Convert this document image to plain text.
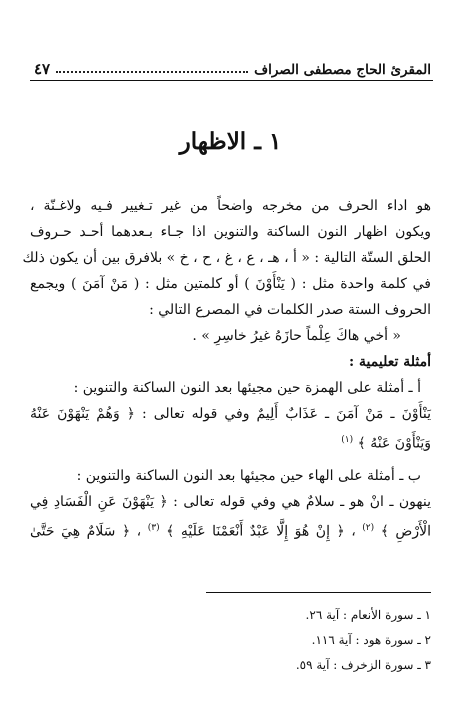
المقرئ الحاج مصطفى الصراف
٤٧
١ ـ الاظهار
هو اداء الحرف من مخرجه واضحاً من غير تـغيير فـيه ولاغـنّة ،
ويكون اظهار النون الساكنة والتنوين اذا جـاء بـعدهما أحـد حـروف
الحلق الستّة التالية : « أ ، هـ ، ع ، غ ، ح ، خ » بلافرق بين أن يكون ذلك
في كلمة واحدة مثل : ( يَنْأَوْنَ ) أو كلمتين مثل : ( مَنْ آمَنَ ) ويجمع
الحروف الستة صدر الكلمات في المصرع التالي :
« أخي هاكَ عِلْماً حازَهُ غيرُ خاسِرِ » .
أمثلة تعليمية :
أ ـ أمثلة على الهمزة حين مجيئها بعد النون الساكنة والتنوين :
يَنْأَوْنَ ـ مَنْ آمَنَ ـ عَذَابٌ أَلِيمٌ وفي قوله تعالى : ﴿ وَهُمْ يَنْهَوْنَ عَنْهُ
وَيَنْأَوْنَ عَنْهُ ﴾ $^{(١)}$
ب ـ أمثلة على الهاء حين مجيئها بعد النون الساكنة والتنوين :
ينهون ـ انْ هو ـ سلامٌ هي وفي قوله تعالى : ﴿ يَنْهَوْنَ عَنِ الْفَسَادِ فِي
الْأَرْضِ ﴾ $^{(٢)}$ ، ﴿ إِنْ هُوَ إِلَّا عَبْدٌ أَنْعَمْنَا عَلَيْهِ ﴾ $^{(٣)}$ ، ﴿ سَلَامٌ هِيَ حَتَّىٰ
١ ـ سورة الأنعام : آية ٢٦.
٢ ـ سورة هود : آية ١١٦.
٣ ـ سورة الزخرف : آية ٥٩.
